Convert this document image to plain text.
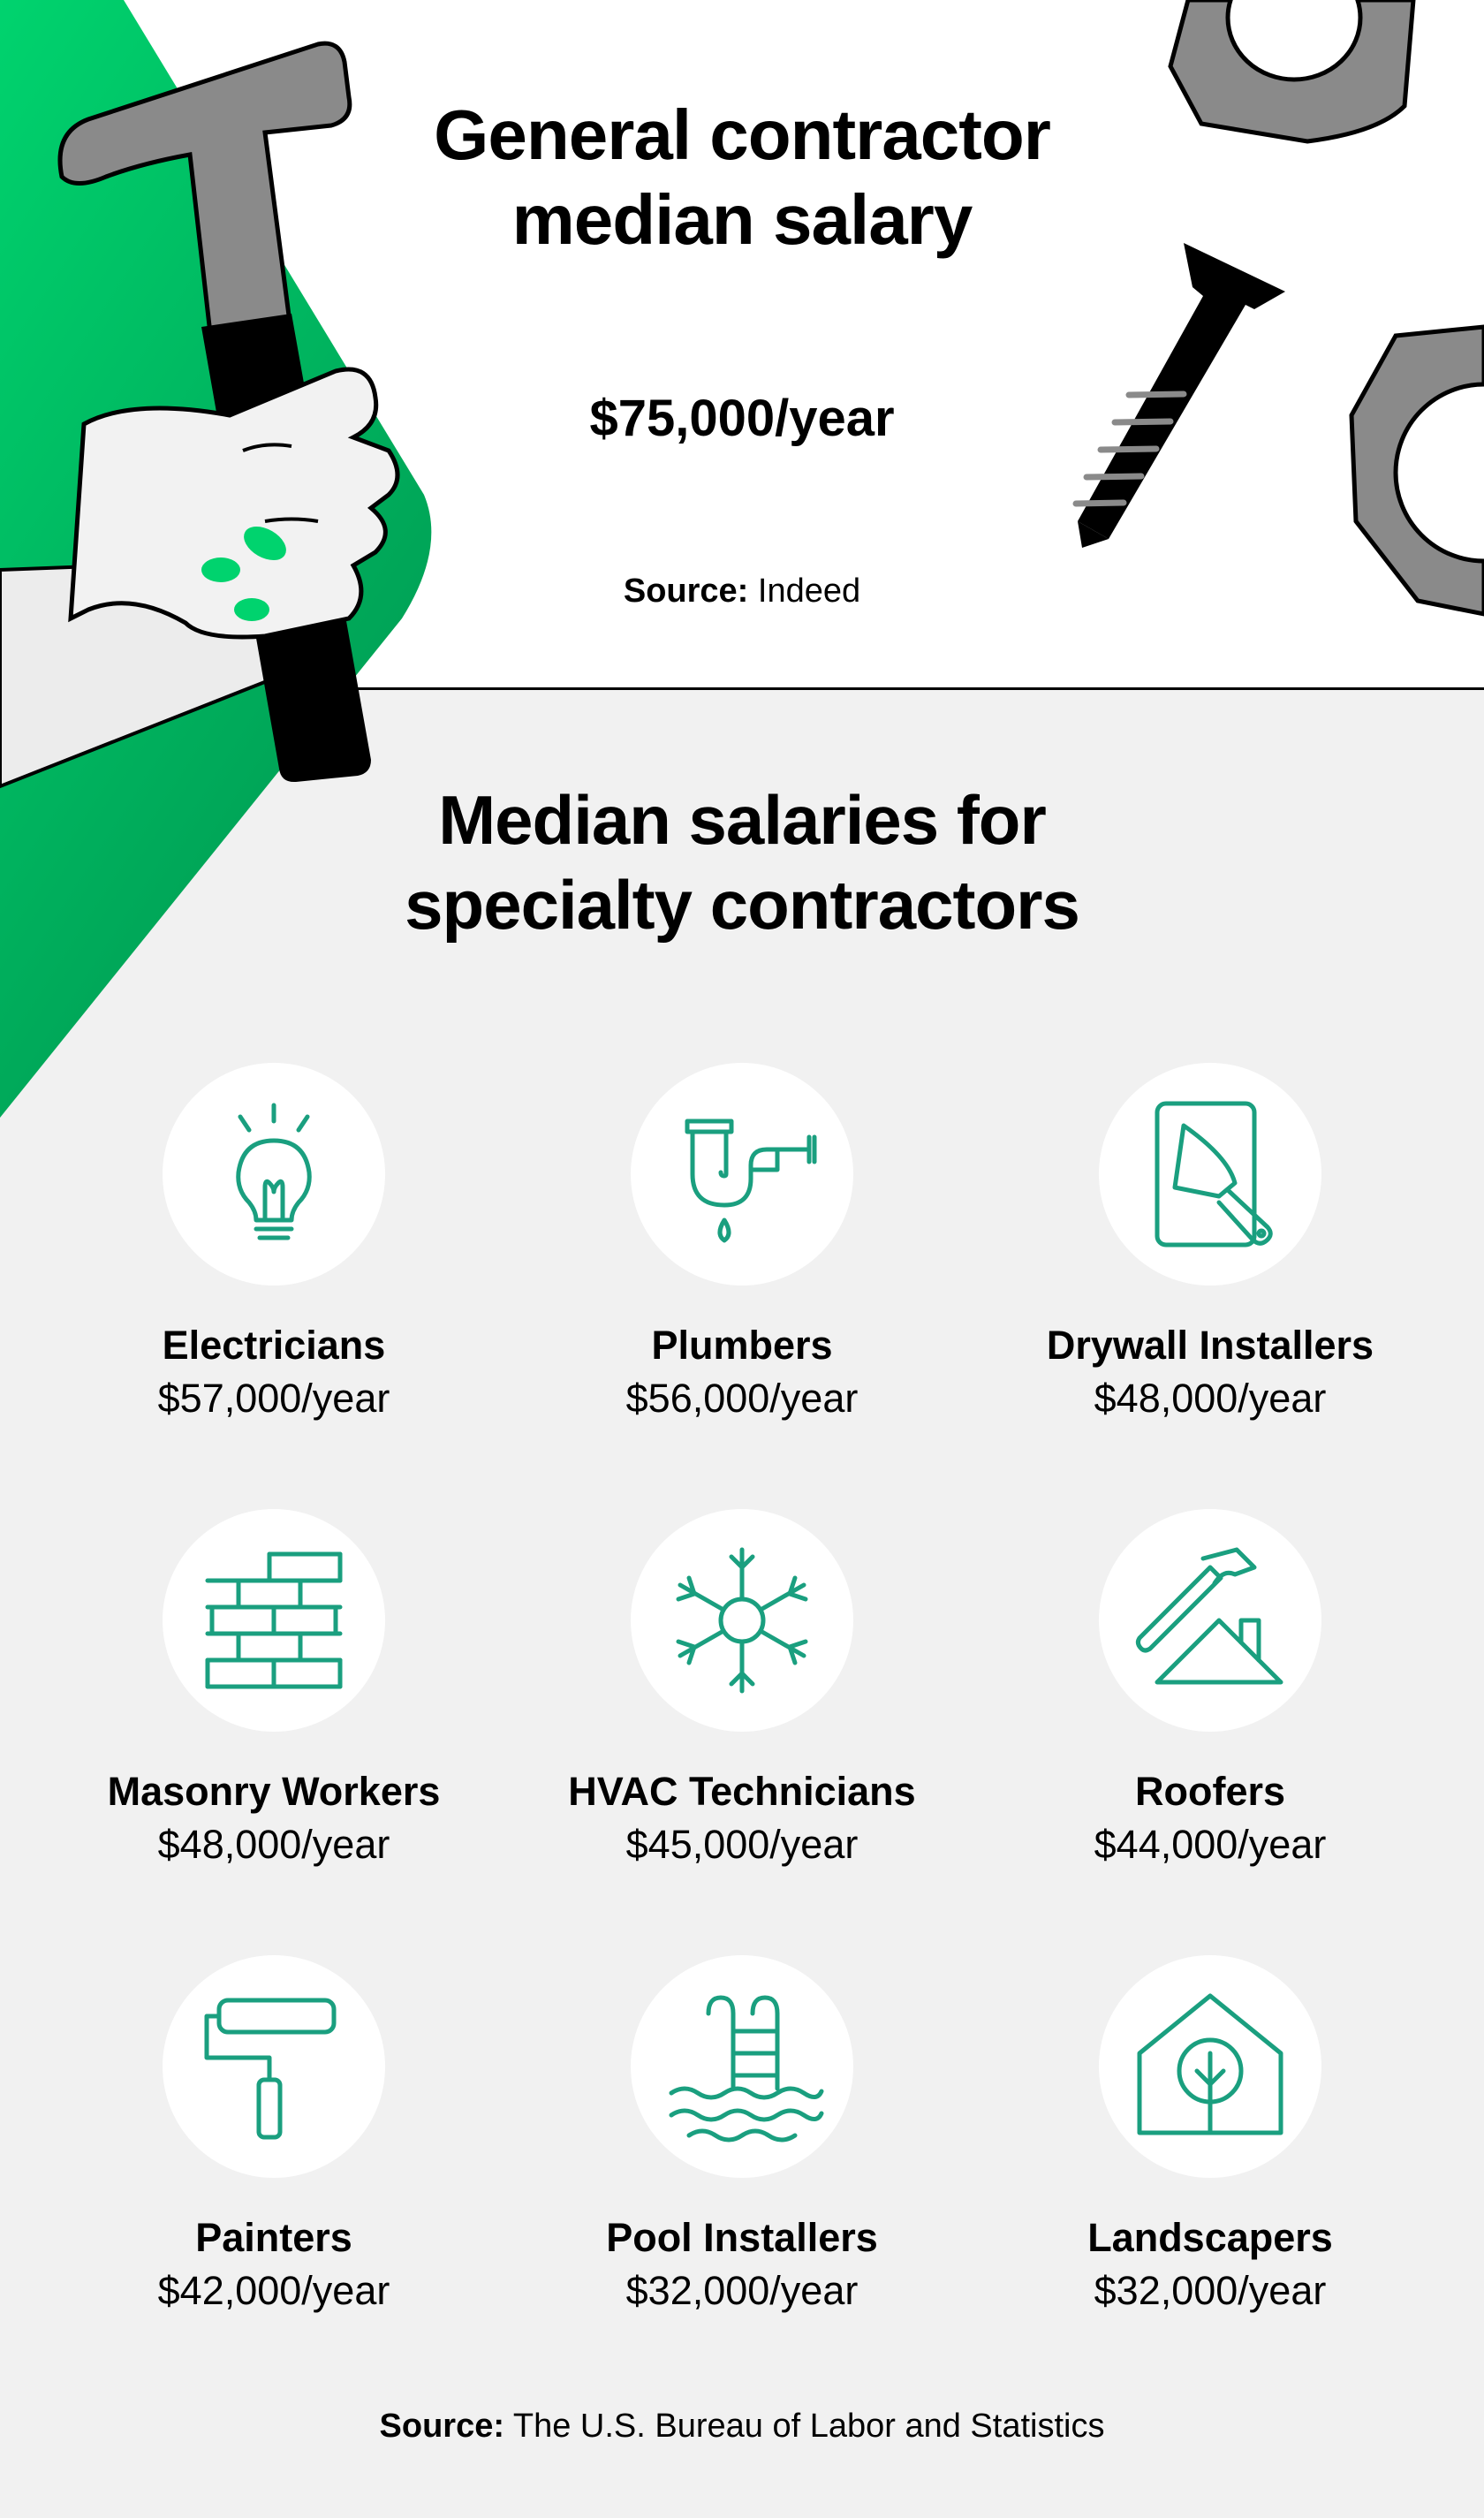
General contractor
median salary
$75,000/year
Source: Indeed
Median salaries for
specialty contractors
Electricians
$57,000/year
Plumbers
$56,000/year
Drywall Installers
$48,000/year
Masonry Workers
$48,000/year
HVAC Technicians
$45,000/year
Roofers
$44,000/year
Painters
$42,000/year
Pool Installers
$32,000/year
Landscapers
$32,000/year
Source: The U.S. Bureau of Labor and Statistics
